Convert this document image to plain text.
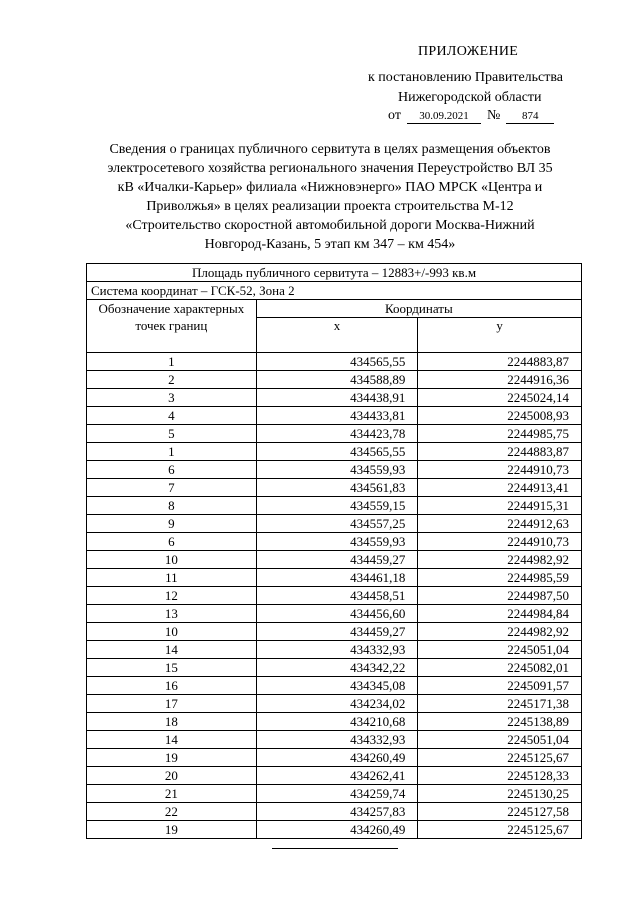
ПРИЛОЖЕНИЕ
к постановлению Правительства
Нижегородской области
от	30.09.2021	№	874
Сведения о границах публичного сервитута в целях размещения объектов
электросетевого хозяйства регионального значения Переустройство ВЛ 35
кВ «Ичалки-Карьер» филиала «Нижновэнерго» ПАО МРСК «Центра и
Приволжья» в целях реализации проекта строительства М-12
«Строительство скоростной автомобильной дороги Москва-Нижний
Новгород-Казань, 5 этап км 347 – км 454»
Площадь публичного сервитута – 12883+/-993 кв.м		
Система координат – ГСК-52, Зона 2		
Обозначение характерных точек границ	Координаты	
	x	y
1	434565,55	2244883,87
2	434588,89	2244916,36
3	434438,91	2245024,14
4	434433,81	2245008,93
5	434423,78	2244985,75
1	434565,55	2244883,87
6	434559,93	2244910,73
7	434561,83	2244913,41
8	434559,15	2244915,31
9	434557,25	2244912,63
6	434559,93	2244910,73
10	434459,27	2244982,92
11	434461,18	2244985,59
12	434458,51	2244987,50
13	434456,60	2244984,84
10	434459,27	2244982,92
14	434332,93	2245051,04
15	434342,22	2245082,01
16	434345,08	2245091,57
17	434234,02	2245171,38
18	434210,68	2245138,89
14	434332,93	2245051,04
19	434260,49	2245125,67
20	434262,41	2245128,33
21	434259,74	2245130,25
22	434257,83	2245127,58
19	434260,49	2245125,67
